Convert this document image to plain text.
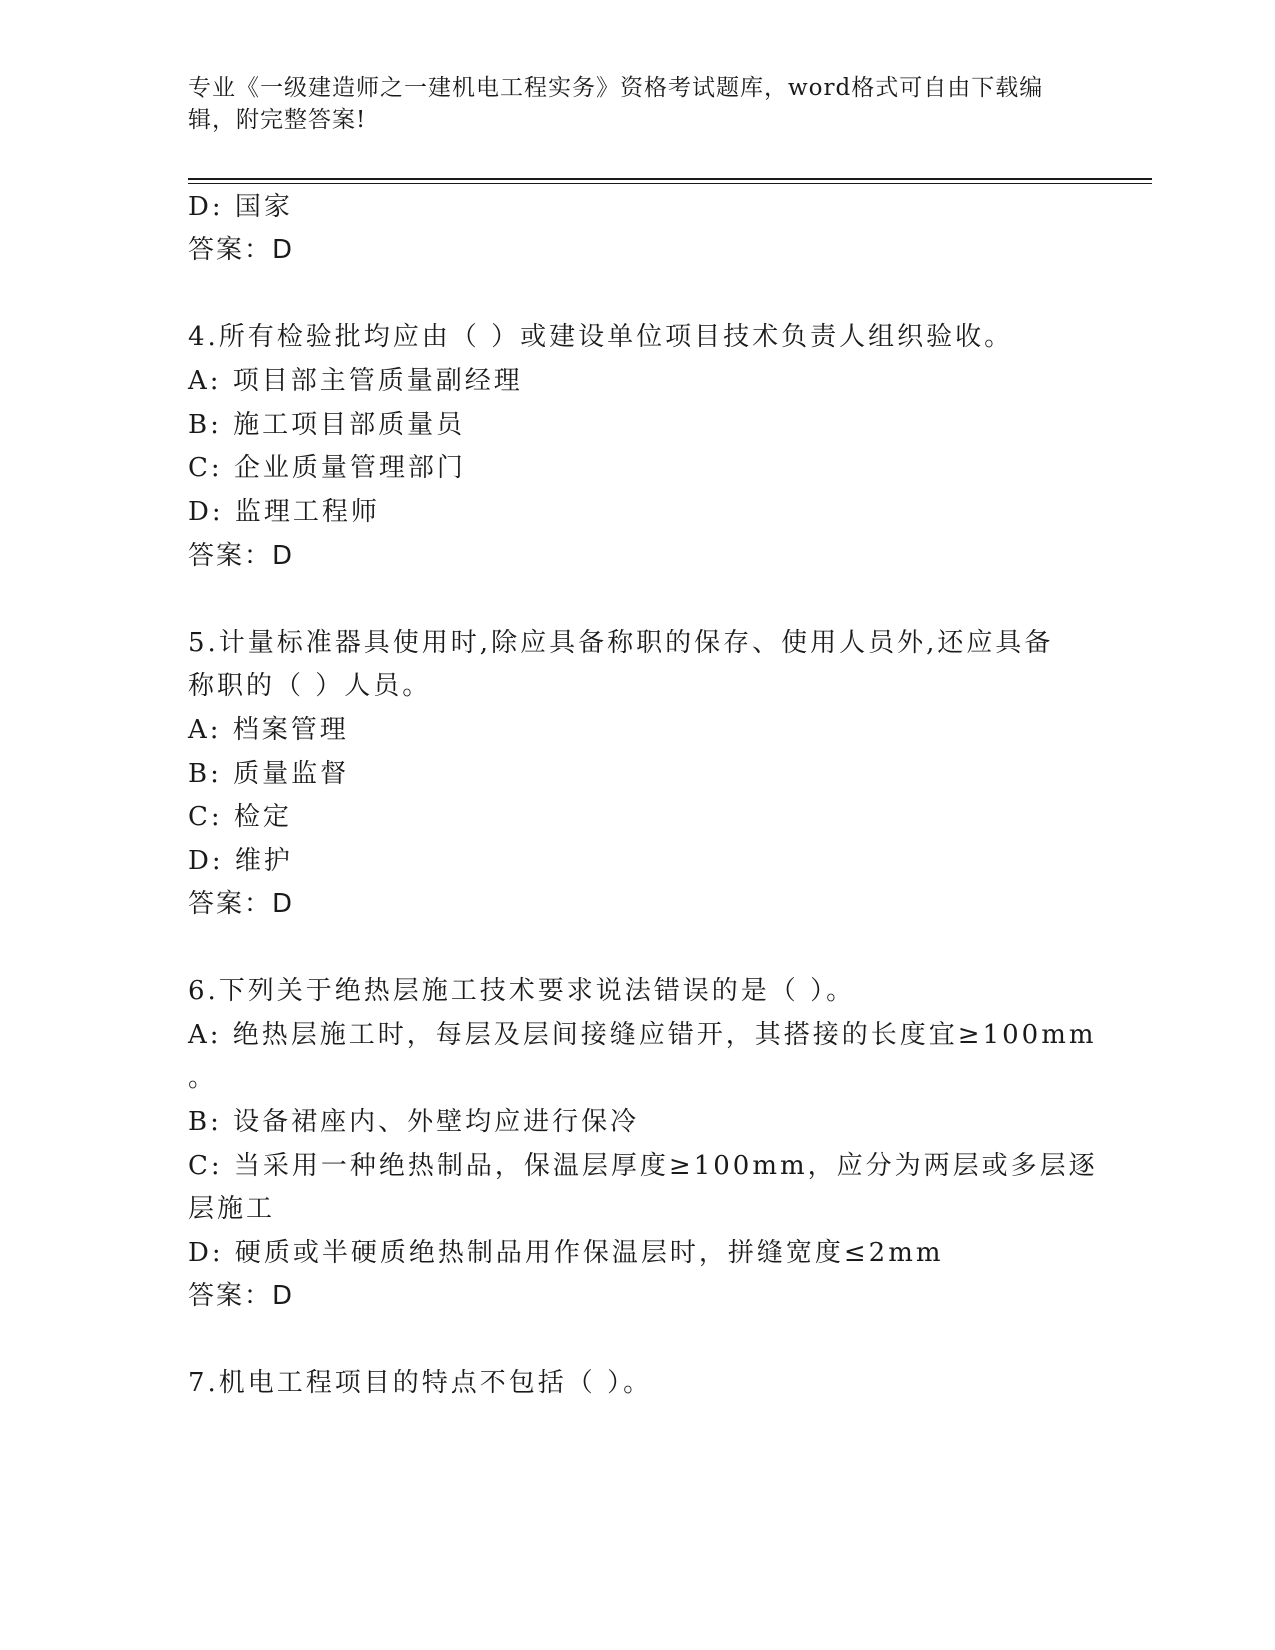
专业《一级建造师之一建机电工程实务》资格考试题库，word格式可自由下载编辑，附完整答案!
D: 国家
答案：D
4.所有检验批均应由（ ）或建设单位项目技术负责人组织验收。
A: 项目部主管质量副经理
B: 施工项目部质量员
C: 企业质量管理部门
D: 监理工程师
答案：D
5.计量标准器具使用时,除应具备称职的保存、使用人员外,还应具备
称职的（ ）人员。
A: 档案管理
B: 质量监督
C: 检定
D: 维护
答案：D
6.下列关于绝热层施工技术要求说法错误的是（ ）。
A: 绝热层施工时，每层及层间接缝应错开，其搭接的长度宜≥100mm
。
B: 设备裙座内、外壁均应进行保冷
C: 当采用一种绝热制品，保温层厚度≥100mm，应分为两层或多层逐
层施工
D: 硬质或半硬质绝热制品用作保温层时，拼缝宽度≤2mm
答案：D
7.机电工程项目的特点不包括（ ）。
